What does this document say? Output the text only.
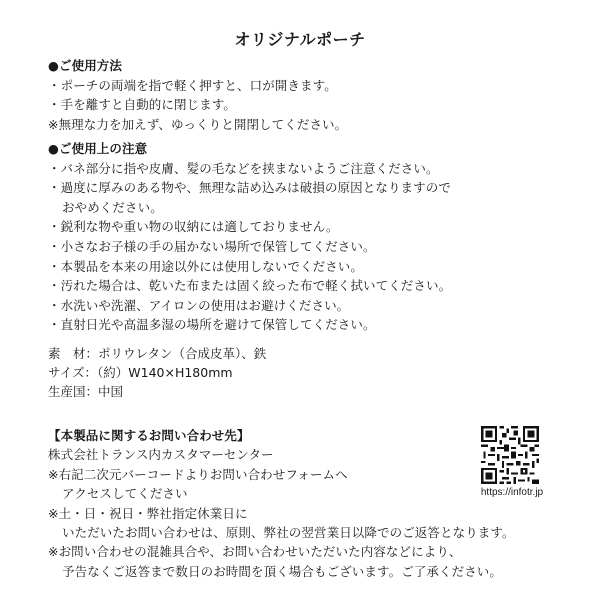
オリジナルポーチ
●ご使用方法
・ポーチの両端を指で軽く押すと、口が開きます。
・手を離すと自動的に閉じます。
※無理な力を加えず、ゆっくりと開閉してください。
●ご使用上の注意
・バネ部分に指や皮膚、髪の毛などを挟まないようご注意ください。
・過度に厚みのある物や、無理な詰め込みは破損の原因となりますので
おやめください。
・鋭利な物や重い物の収納には適しておりません。
・小さなお子様の手の届かない場所で保管してください。
・本製品を本来の用途以外には使用しないでください。
・汚れた場合は、乾いた布または固く絞った布で軽く拭いてください。
・水洗いや洗濯、アイロンの使用はお避けください。
・直射日光や高温多湿の場所を避けて保管してください。
素　材：ポリウレタン（合成皮革）、鉄
サイズ：（約）W140×H180mm
生産国：中国
【本製品に関するお問い合わせ先】
株式会社トランス内カスタマーセンター
※右記二次元バーコードよりお問い合わせフォームへ
アクセスしてください
※土・日・祝日・弊社指定休業日に
いただいたお問い合わせは、原則、弊社の翌営業日以降でのご返答となります。
※お問い合わせの混雑具合や、お問い合わせいただいた内容などにより、
予告なくご返答まで数日のお時間を頂く場合もございます。ご了承ください。
https://infotr.jp
